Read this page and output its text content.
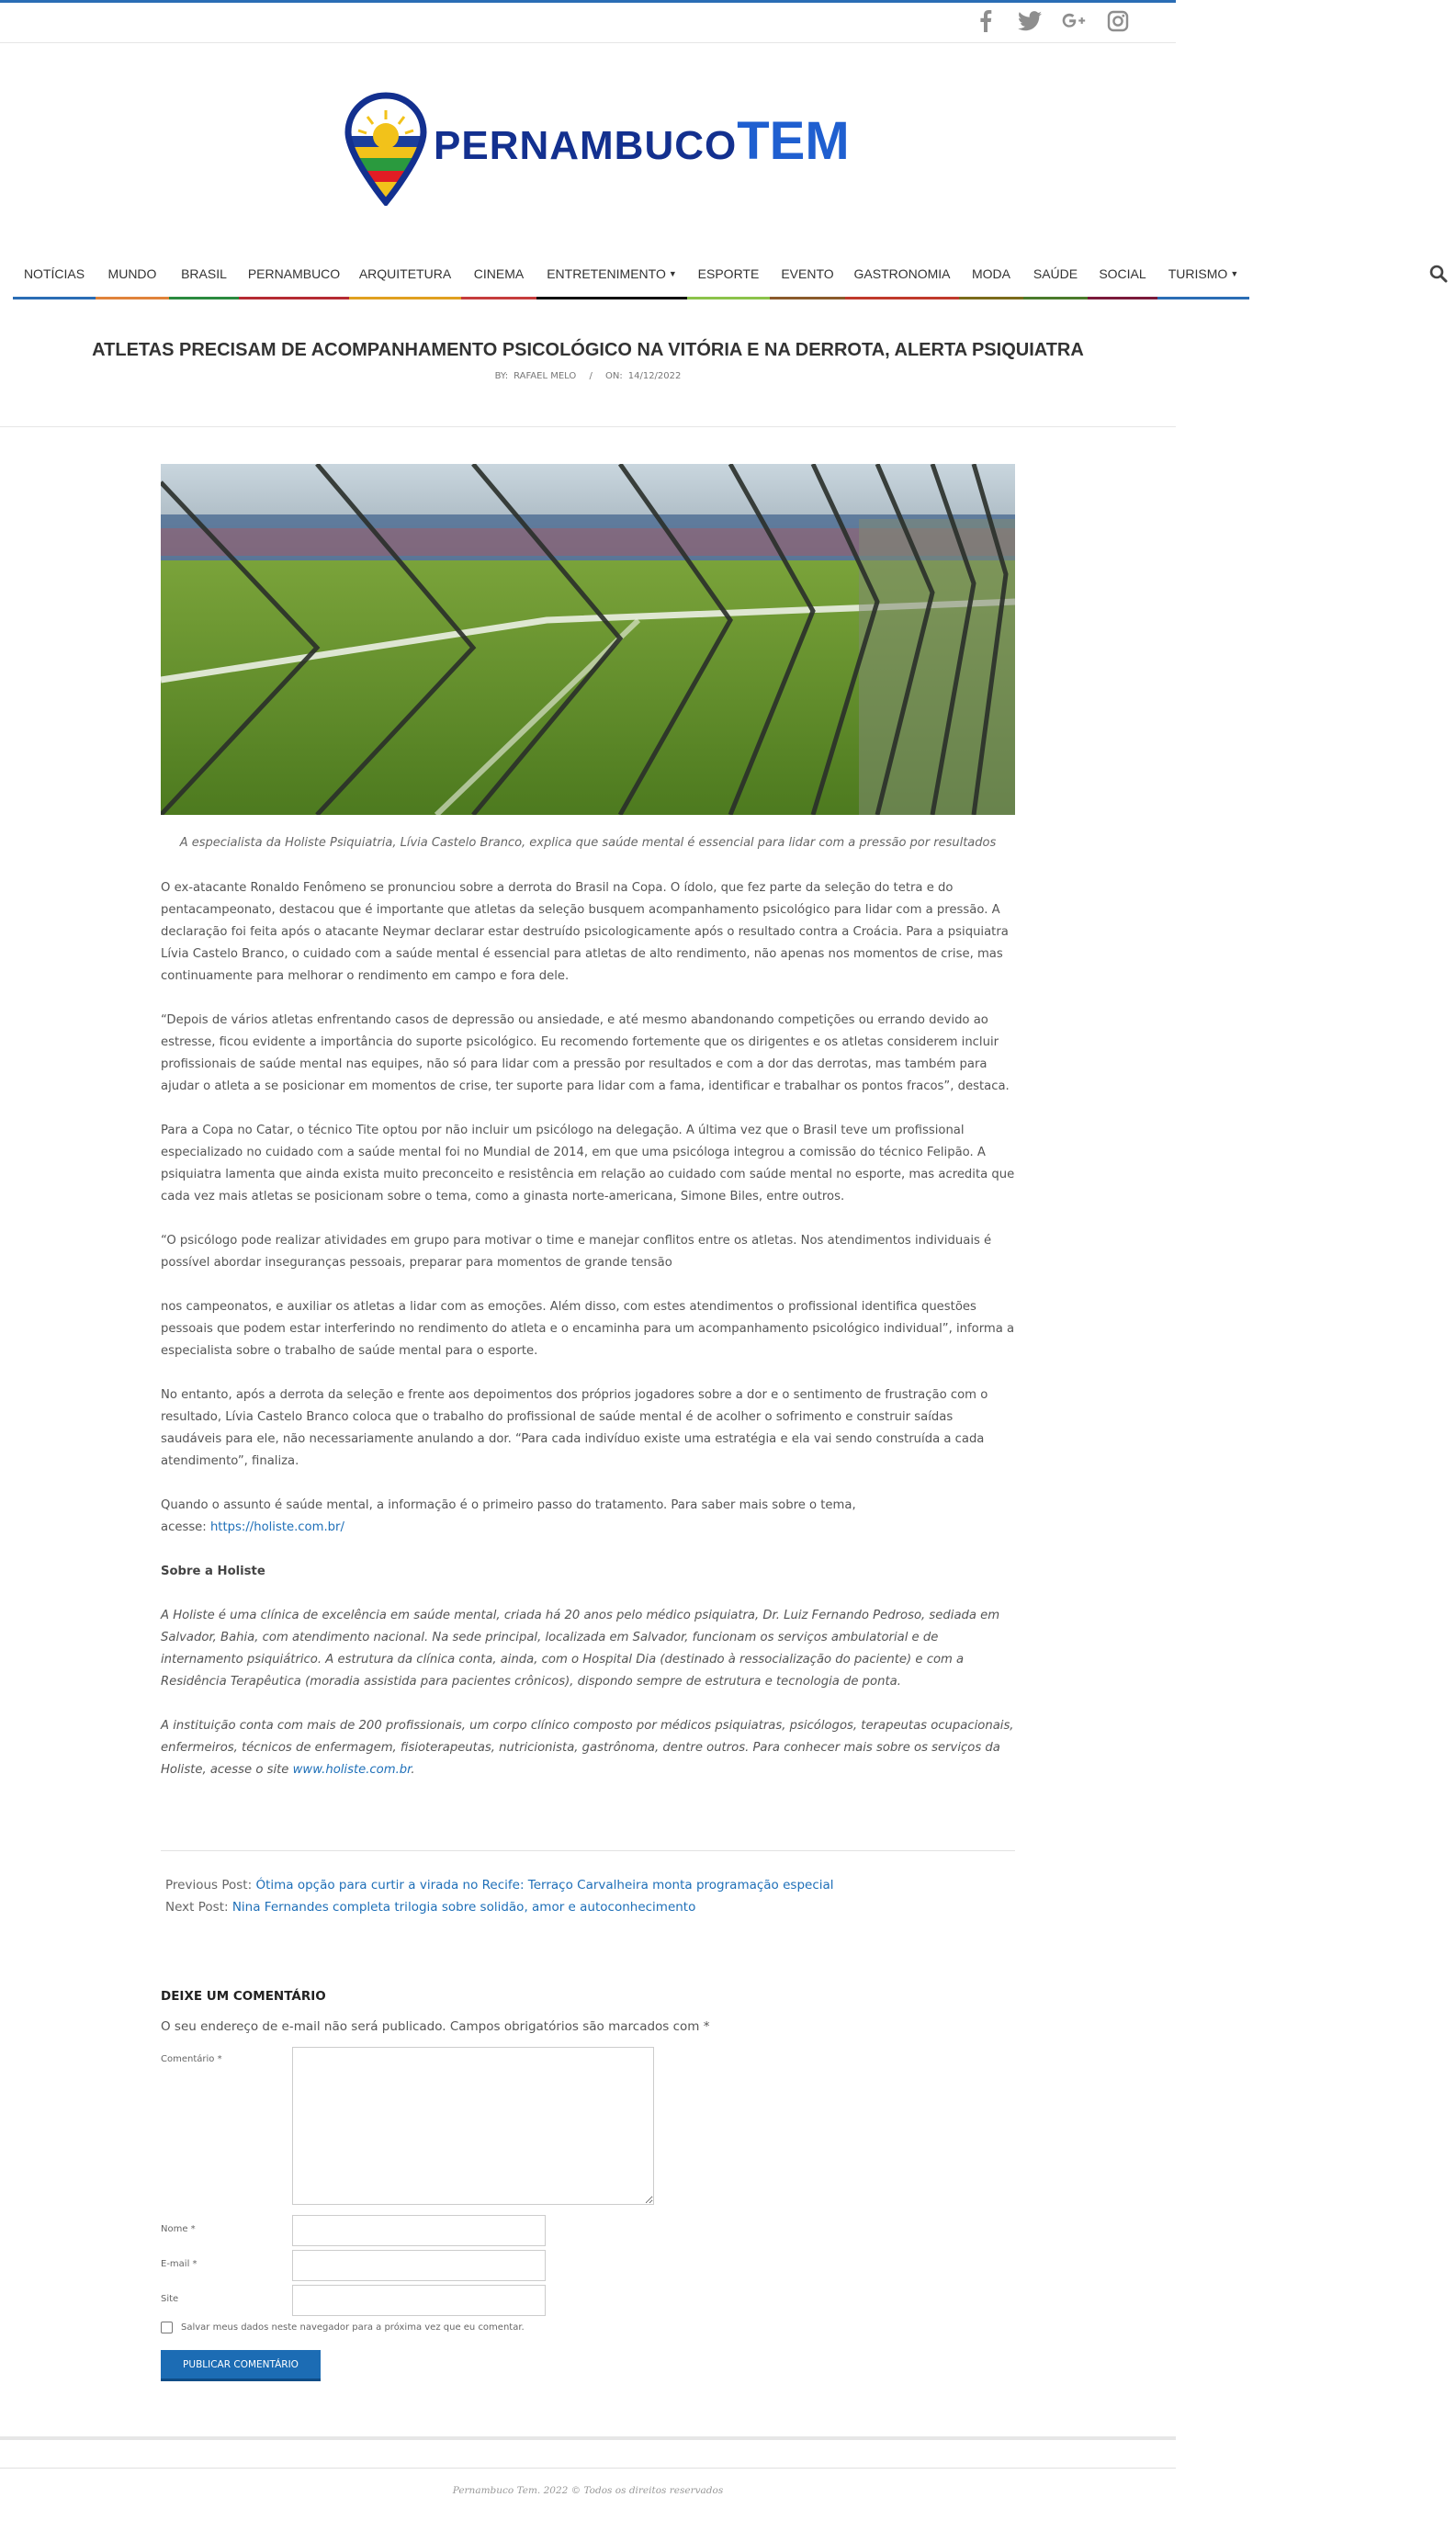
PERNAMBUCOTEM
NOTÍCIAS MUNDO BRASIL PERNAMBUCO ARQUITETURA CINEMA ENTRETENIMENTO ▼ ESPORTE EVENTO GASTRONOMIA MODA SAÚDE SOCIAL TURISMO ▼
ATLETAS PRECISAM DE ACOMPANHAMENTO PSICOLÓGICO NA VITÓRIA E NA DERROTA, ALERTA PSIQUIATRA
BY: RAFAEL MELO / ON: 14/12/2022

A especialista da Holiste Psiquiatria, Lívia Castelo Branco, explica que saúde mental é essencial para lidar com a pressão por resultados

O ex-atacante Ronaldo Fenômeno se pronunciou sobre a derrota do Brasil na Copa. O ídolo, que fez parte da seleção do tetra e do pentacampeonato, destacou que é importante que atletas da seleção busquem acompanhamento psicológico para lidar com a pressão. A declaração foi feita após o atacante Neymar declarar estar destruído psicologicamente após o resultado contra a Croácia. Para a psiquiatra Lívia Castelo Branco, o cuidado com a saúde mental é essencial para atletas de alto rendimento, não apenas nos momentos de crise, mas continuamente para melhorar o rendimento em campo e fora dele.

“Depois de vários atletas enfrentando casos de depressão ou ansiedade, e até mesmo abandonando competições ou errando devido ao estresse, ficou evidente a importância do suporte psicológico. Eu recomendo fortemente que os dirigentes e os atletas considerem incluir profissionais de saúde mental nas equipes, não só para lidar com a pressão por resultados e com a dor das derrotas, mas também para ajudar o atleta a se posicionar em momentos de crise, ter suporte para lidar com a fama, identificar e trabalhar os pontos fracos”, destaca.

Para a Copa no Catar, o técnico Tite optou por não incluir um psicólogo na delegação. A última vez que o Brasil teve um profissional especializado no cuidado com a saúde mental foi no Mundial de 2014, em que uma psicóloga integrou a comissão do técnico Felipão. A psiquiatra lamenta que ainda exista muito preconceito e resistência em relação ao cuidado com saúde mental no esporte, mas acredita que cada vez mais atletas se posicionam sobre o tema, como a ginasta norte-americana, Simone Biles, entre outros.

“O psicólogo pode realizar atividades em grupo para motivar o time e manejar conflitos entre os atletas. Nos atendimentos individuais é possível abordar inseguranças pessoais, preparar para momentos de grande tensão

nos campeonatos, e auxiliar os atletas a lidar com as emoções. Além disso, com estes atendimentos o profissional identifica questões pessoais que podem estar interferindo no rendimento do atleta e o encaminha para um acompanhamento psicológico individual”, informa a especialista sobre o trabalho de saúde mental para o esporte.

No entanto, após a derrota da seleção e frente aos depoimentos dos próprios jogadores sobre a dor e o sentimento de frustração com o resultado, Lívia Castelo Branco coloca que o trabalho do profissional de saúde mental é de acolher o sofrimento e construir saídas saudáveis para ele, não necessariamente anulando a dor. “Para cada indivíduo existe uma estratégia e ela vai sendo construída a cada atendimento”, finaliza.

Quando o assunto é saúde mental, a informação é o primeiro passo do tratamento. Para saber mais sobre o tema,
acesse: https://holiste.com.br/

Sobre a Holiste

A Holiste é uma clínica de excelência em saúde mental, criada há 20 anos pelo médico psiquiatra, Dr. Luiz Fernando Pedroso, sediada em Salvador, Bahia, com atendimento nacional. Na sede principal, localizada em Salvador, funcionam os serviços ambulatorial e de internamento psiquiátrico. A estrutura da clínica conta, ainda, com o Hospital Dia (destinado à ressocialização do paciente) e com a Residência Terapêutica (moradia assistida para pacientes crônicos), dispondo sempre de estrutura e tecnologia de ponta.

A instituição conta com mais de 200 profissionais, um corpo clínico composto por médicos psiquiatras, psicólogos, terapeutas ocupacionais, enfermeiros, técnicos de enfermagem, fisioterapeutas, nutricionista, gastrônoma, dentre outros. Para conhecer mais sobre os serviços da Holiste, acesse o site www.holiste.com.br.

Previous Post: Ótima opção para curtir a virada no Recife: Terraço Carvalheira monta programação especial
Next Post: Nina Fernandes completa trilogia sobre solidão, amor e autoconhecimento
DEIXE UM COMENTÁRIO

O seu endereço de e-mail não será publicado. Campos obrigatórios são marcados com *

Comentário *
Nome *
E-mail *
Site
Salvar meus dados neste navegador para a próxima vez que eu comentar.
PUBLICAR COMENTÁRIO

Pernambuco Tem. 2022 © Todos os direitos reservados
